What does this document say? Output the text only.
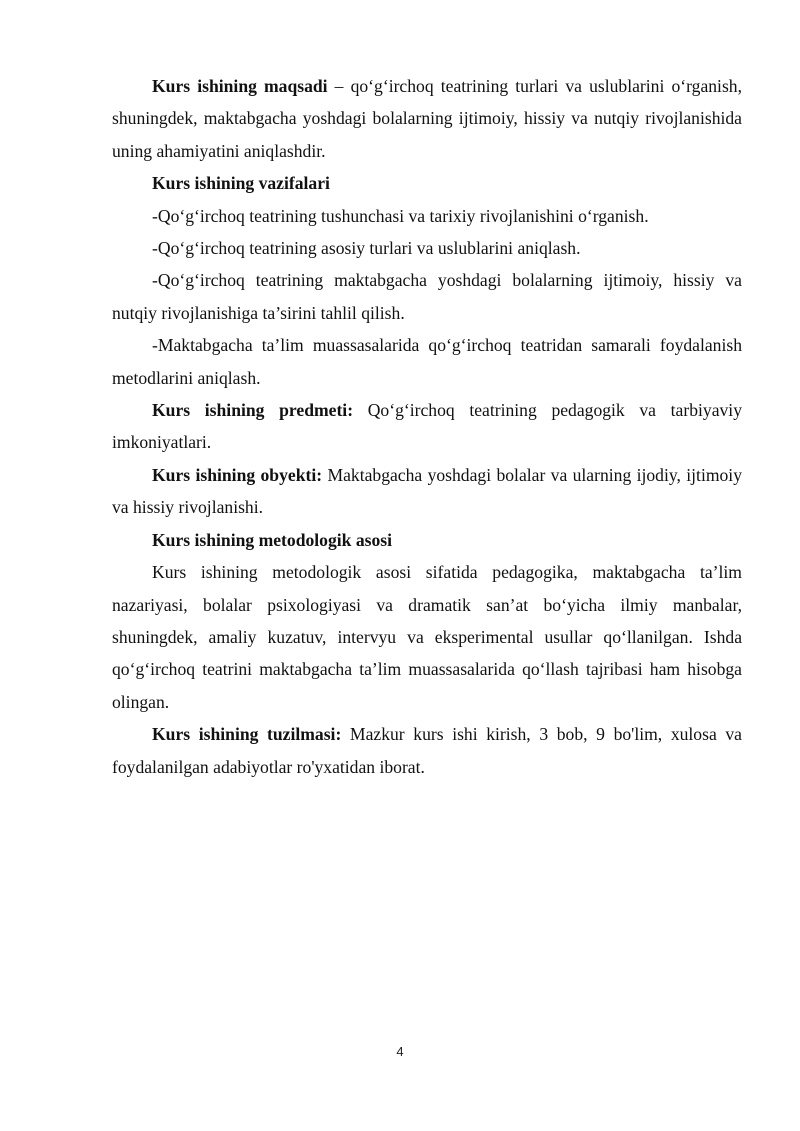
Kurs ishining maqsadi – qo‘g‘irchoq teatrining turlari va uslublarini o‘rganish, shuningdek, maktabgacha yoshdagi bolalarning ijtimoiy, hissiy va nutqiy rivojlanishida uning ahamiyatini aniqlashdir.

Kurs ishining vazifalari

-Qo‘g‘irchoq teatrining tushunchasi va tarixiy rivojlanishini o‘rganish.

-Qo‘g‘irchoq teatrining asosiy turlari va uslublarini aniqlash.

-Qo‘g‘irchoq teatrining maktabgacha yoshdagi bolalarning ijtimoiy, hissiy va nutqiy rivojlanishiga ta’sirini tahlil qilish.

-Maktabgacha ta’lim muassasalarida qo‘g‘irchoq teatridan samarali foydalanish metodlarini aniqlash.

Kurs ishining predmeti: Qo‘g‘irchoq teatrining pedagogik va tarbiyaviy imkoniyatlari.

Kurs ishining obyekti: Maktabgacha yoshdagi bolalar va ularning ijodiy, ijtimoiy va hissiy rivojlanishi.

Kurs ishining metodologik asosi

Kurs ishining metodologik asosi sifatida pedagogika, maktabgacha ta’lim nazariyasi, bolalar psixologiyasi va dramatik san’at bo‘yicha ilmiy manbalar, shuningdek, amaliy kuzatuv, intervyu va eksperimental usullar qo‘llanilgan. Ishda qo‘g‘irchoq teatrini maktabgacha ta’lim muassasalarida qo‘llash tajribasi ham hisobga olingan.

Kurs ishining tuzilmasi: Mazkur kurs ishi kirish, 3 bob, 9 bo'lim, xulosa va foydalanilgan adabiyotlar ro'yxatidan iborat.

4
